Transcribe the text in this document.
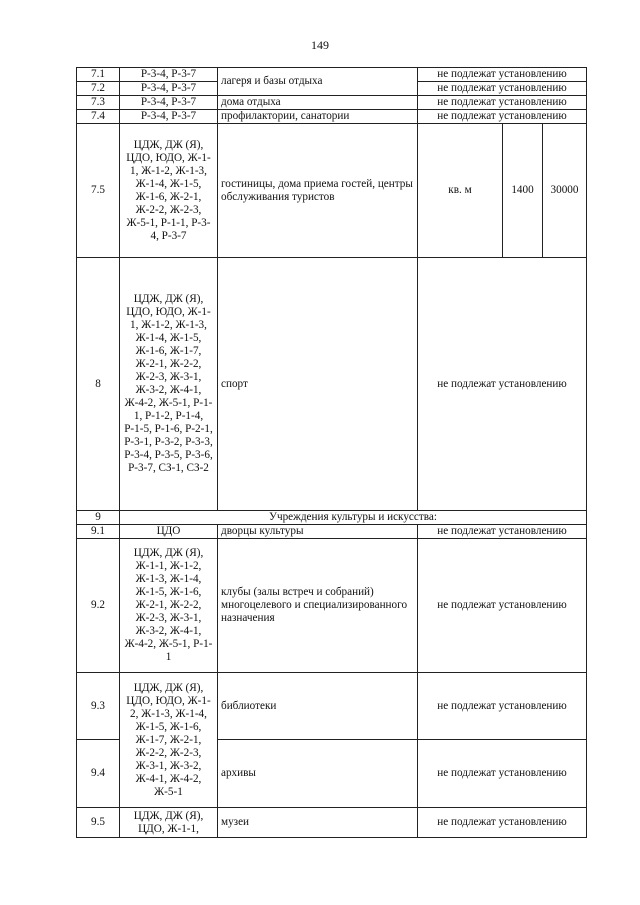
149
7.1	Р-3-4, Р-3-7	лагеря и базы отдыха	не подлежат установлению		
7.2	Р-3-4, Р-3-7		не подлежат установлению		
7.3	Р-3-4, Р-3-7	дома отдыха	не подлежат установлению		
7.4	Р-3-4, Р-3-7	профилактории, санатории	не подлежат установлению		
7.5	ЦДЖ, ДЖ (Я), ЦДО, ЮДО, Ж-1-1, Ж-1-2, Ж-1-3, Ж-1-4, Ж-1-5, Ж-1-6, Ж-2-1, Ж-2-2, Ж-2-3, Ж-5-1, Р-1-1, Р-3-4, Р-3-7	гостиницы, дома приема гостей, центры обслуживания туристов	кв. м	1400	30000
8	ЦДЖ, ДЖ (Я), ЦДО, ЮДО, Ж-1-1, Ж-1-2, Ж-1-3, Ж-1-4, Ж-1-5, Ж-1-6, Ж-1-7, Ж-2-1, Ж-2-2, Ж-2-3, Ж-3-1, Ж-3-2, Ж-4-1, Ж-4-2, Ж-5-1, Р-1-1, Р-1-2, Р-1-4, Р-1-5, Р-1-6, Р-2-1, Р-3-1, Р-3-2, Р-3-3, Р-3-4, Р-3-5, Р-3-6, Р-3-7, СЗ-1, СЗ-2	спорт	не подлежат установлению		
9	Учреждения культуры и искусства:				
9.1	ЦДО	дворцы культуры	не подлежат установлению		
9.2	ЦДЖ, ДЖ (Я), Ж-1-1, Ж-1-2, Ж-1-3, Ж-1-4, Ж-1-5, Ж-1-6, Ж-2-1, Ж-2-2, Ж-2-3, Ж-3-1, Ж-3-2, Ж-4-1, Ж-4-2, Ж-5-1, Р-1-1	клубы (залы встреч и собраний) многоцелевого и специализированного назначения	не подлежат установлению		
9.3	ЦДЖ, ДЖ (Я), ЦДО, ЮДО, Ж-1-2, Ж-1-3, Ж-1-4, Ж-1-5, Ж-1-6, Ж-1-7, Ж-2-1, Ж-2-2, Ж-2-3, Ж-3-1, Ж-3-2, Ж-4-1, Ж-4-2, Ж-5-1	библиотеки	не подлежат установлению		
9.4		архивы	не подлежат установлению		
9.5	ЦДЖ, ДЖ (Я), ЦДО, Ж-1-1,	музеи	не подлежат установлению		
